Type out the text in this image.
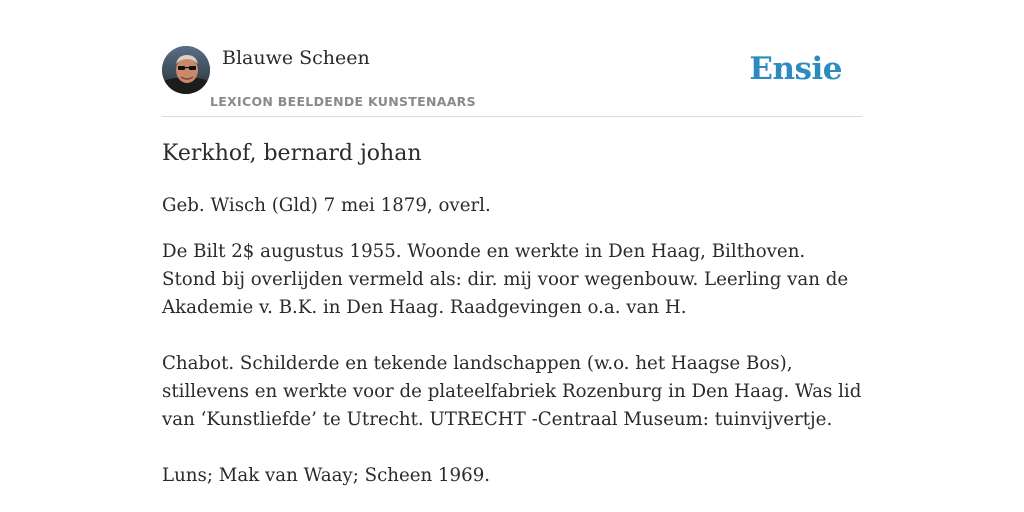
Blauwe Scheen
LEXICON BEELDENDE KUNSTENAARS
Ensie
Kerkhof, bernard johan

Geb. Wisch (Gld) 7 mei 1879, overl.

De Bilt 2$ augustus 1955. Woonde en werkte in Den Haag, Bilthoven. Stond bij overlijden vermeld als: dir. mij voor wegenbouw. Leerling van de Akademie v. B.K. in Den Haag. Raadgevingen o.a. van H.

Chabot. Schilderde en tekende landschappen (w.o. het Haagse Bos), stillevens en werkte voor de plateelfabriek Rozenburg in Den Haag. Was lid van ‘Kunstliefde’ te Utrecht. UTRECHT -Centraal Museum: tuinvijvertje.

Luns; Mak van Waay; Scheen 1969.
